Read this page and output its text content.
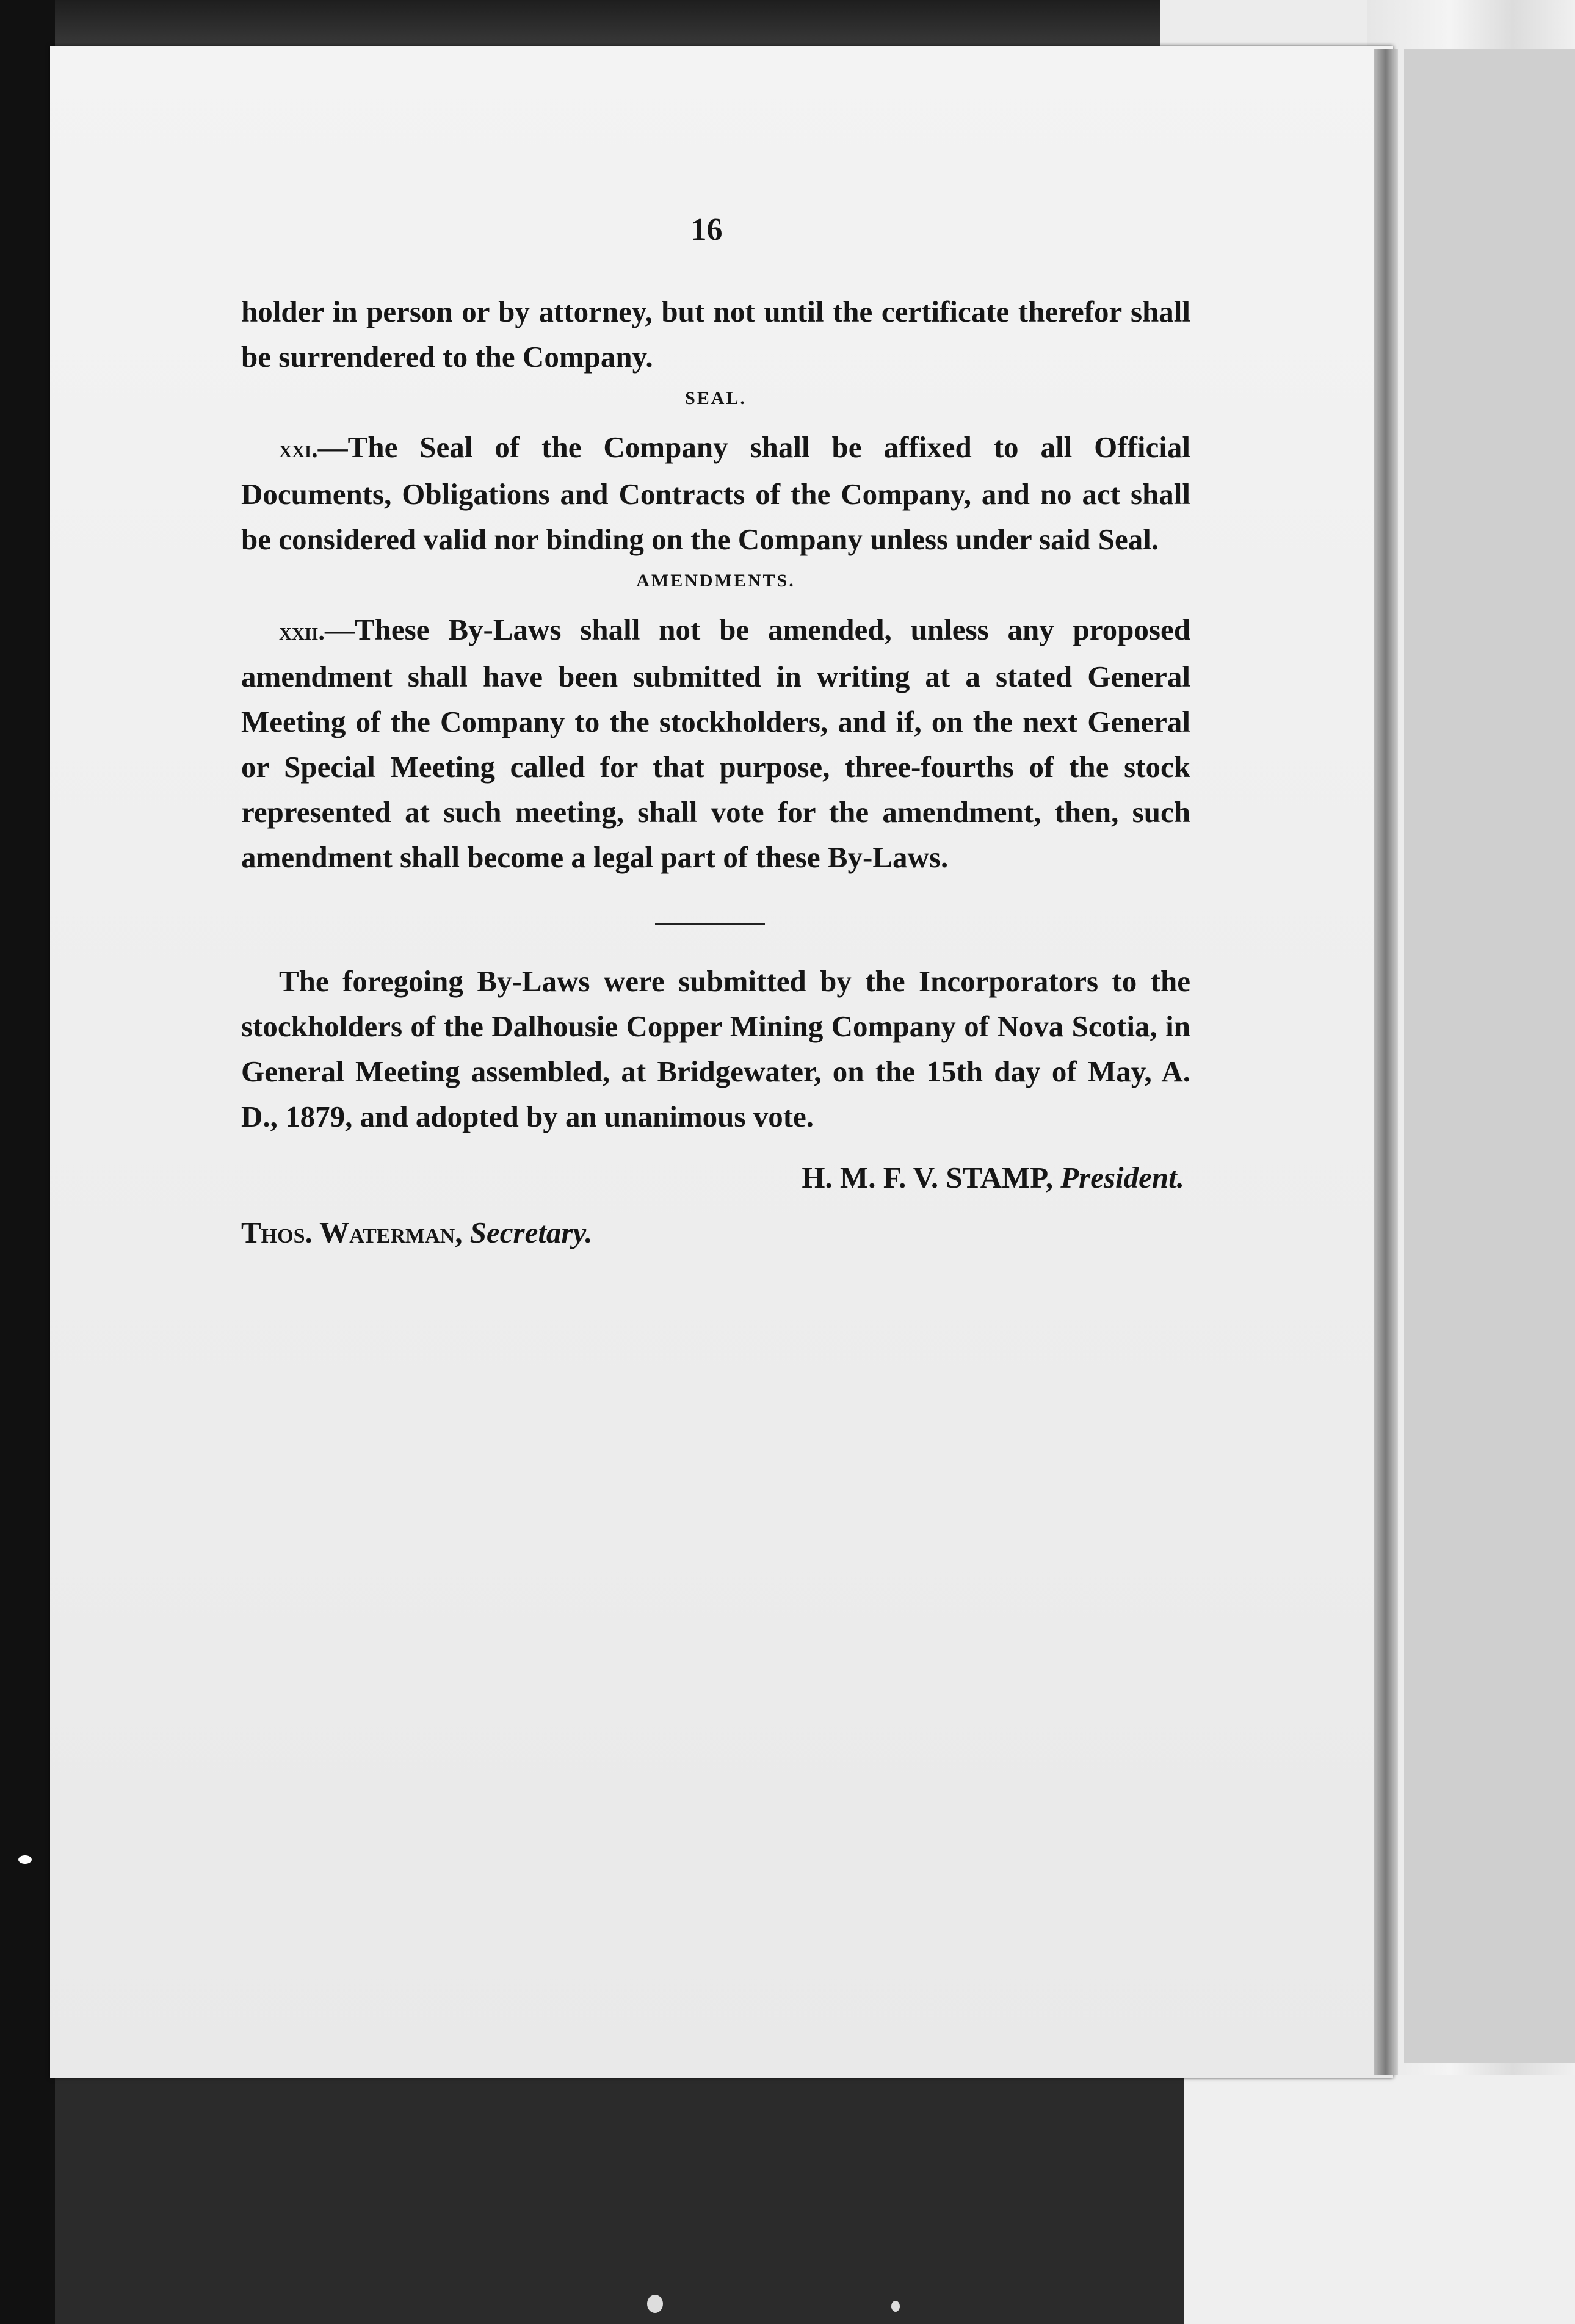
16

holder in person or by attorney, but not until the certificate therefor shall be surrendered to the Company.

SEAL.

xxi.—The Seal of the Company shall be affixed to all Official Documents, Obligations and Contracts of the Company, and no act shall be considered valid nor binding on the Company unless under said Seal.

AMENDMENTS.

xxii.—These By-Laws shall not be amended, unless any proposed amendment shall have been submitted in writing at a stated General Meeting of the Company to the stockholders, and if, on the next General or Special Meeting called for that purpose, three-fourths of the stock represented at such meeting, shall vote for the amendment, then, such amendment shall become a legal part of these By-Laws.

The foregoing By-Laws were submitted by the Incorporators to the stockholders of the Dalhousie Copper Mining Company of Nova Scotia, in General Meeting assembled, at Bridgewater, on the 15th day of May, A. D., 1879, and adopted by an unanimous vote.

H. M. F. V. STAMP, President.
Thos. Waterman, Secretary.
